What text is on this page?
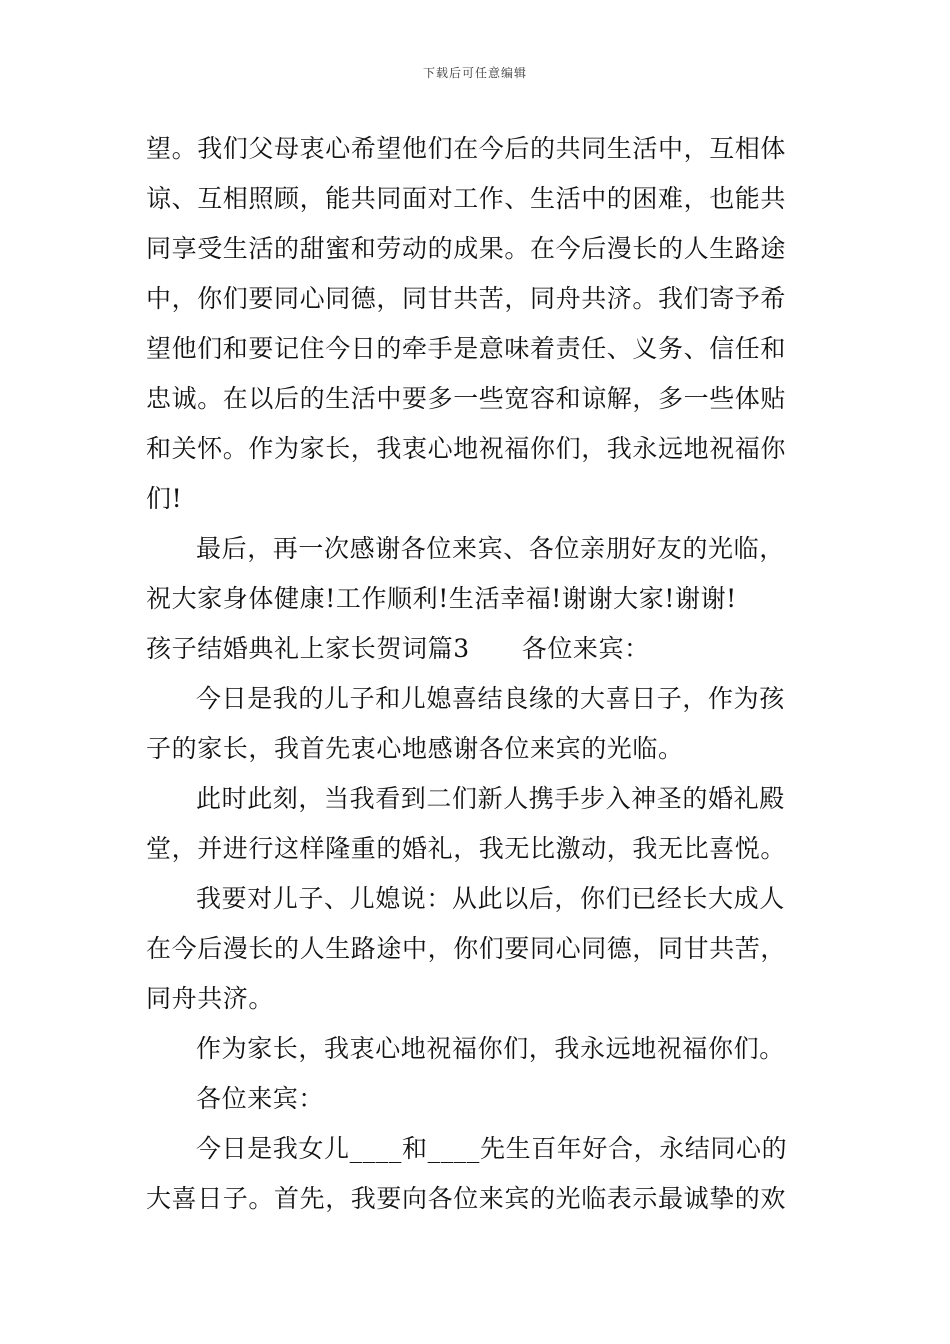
下载后可任意编辑
望。我们父母衷心希望他们在今后的共同生活中，互相体
谅、互相照顾，能共同面对工作、生活中的困难，也能共
同享受生活的甜蜜和劳动的成果。在今后漫长的人生路途
中，你们要同心同德，同甘共苦，同舟共济。我们寄予希
望他们和要记住今日的牵手是意味着责任、义务、信任和
忠诚。在以后的生活中要多一些宽容和谅解，多一些体贴
和关怀。作为家长，我衷心地祝福你们，我永远地祝福你
们!
最后，再一次感谢各位来宾、各位亲朋好友的光临，
祝大家身体健康!工作顺利!生活幸福!谢谢大家!谢谢!
孩子结婚典礼上家长贺词篇3 各位来宾：
今日是我的儿子和儿媳喜结良缘的大喜日子，作为孩
子的家长，我首先衷心地感谢各位来宾的光临。
此时此刻，当我看到二们新人携手步入神圣的婚礼殿
堂，并进行这样隆重的婚礼，我无比激动，我无比喜悦。
我要对儿子、儿媳说：从此以后，你们已经长大成人
在今后漫长的人生路途中，你们要同心同德，同甘共苦，
同舟共济。
作为家长，我衷心地祝福你们，我永远地祝福你们。
各位来宾：
今日是我女儿____和____先生百年好合，永结同心的
大喜日子。首先，我要向各位来宾的光临表示最诚挚的欢
